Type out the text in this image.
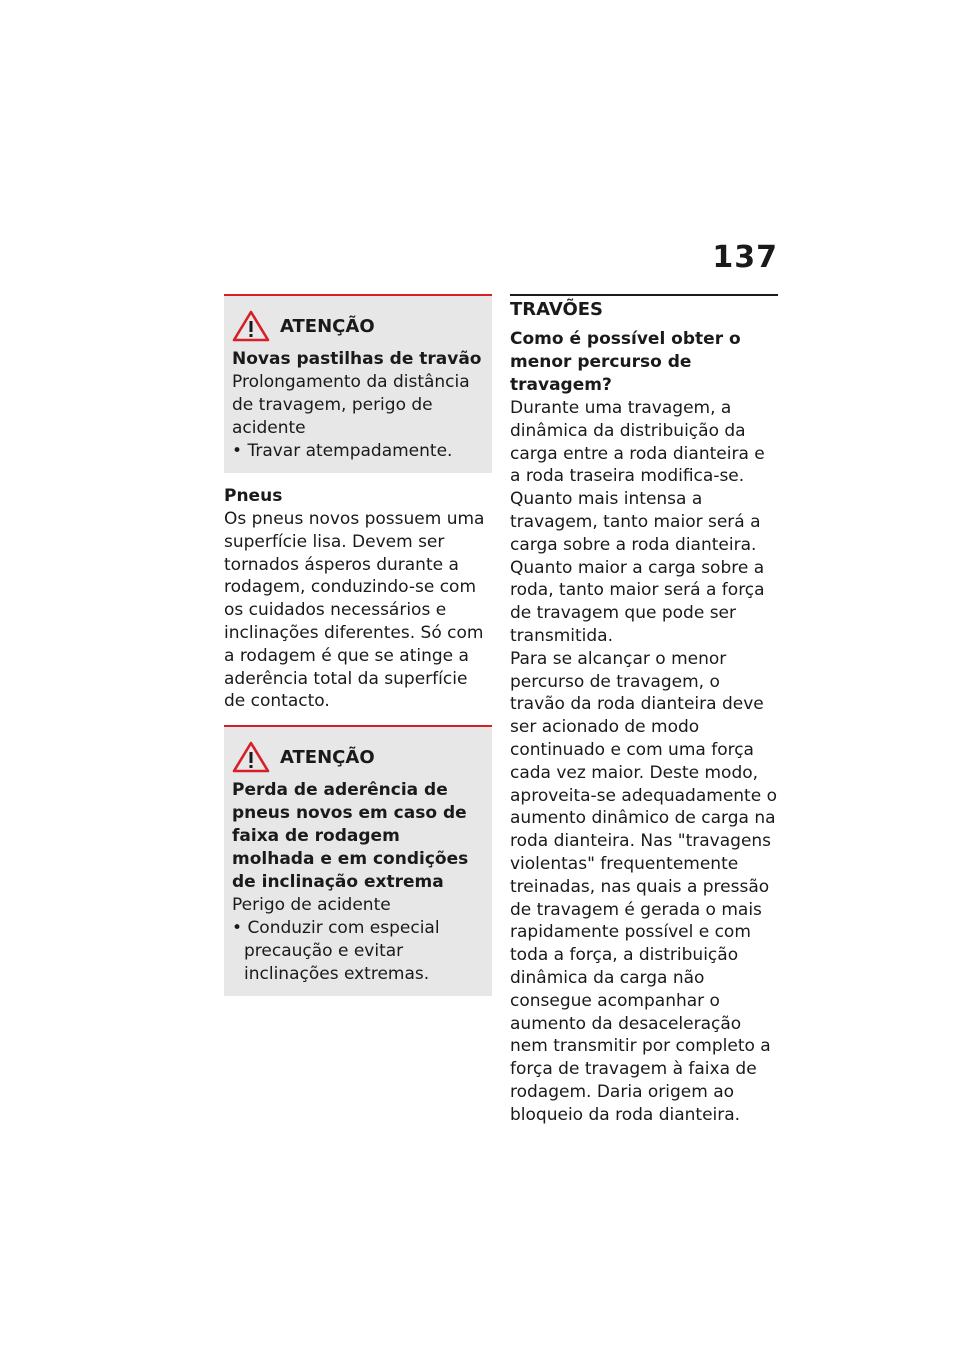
137
ATENÇÃO
Novas pastilhas de travão
Prolongamento da distância de travagem, perigo de acidente
• Travar atempadamente.
Pneus
Os pneus novos possuem uma superfície lisa. Devem ser tornados ásperos durante a rodagem, conduzindo-se com os cuidados necessários e inclinações diferentes. Só com a rodagem é que se atinge a aderência total da superfície de contacto.
ATENÇÃO
Perda de aderência de pneus novos em caso de faixa de rodagem molhada e em condições de inclinação extrema
Perigo de acidente
• Conduzir com especial precaução e evitar inclinações extremas.
TRAVÕES
Como é possível obter o menor percurso de travagem?
Durante uma travagem, a dinâmica da distribuição da carga entre a roda dianteira e a roda traseira modifica-se. Quanto mais intensa a travagem, tanto maior será a carga sobre a roda dianteira. Quanto maior a carga sobre a roda, tanto maior será a força de travagem que pode ser transmitida.
Para se alcançar o menor percurso de travagem, o travão da roda dianteira deve ser acionado de modo continuado e com uma força cada vez maior. Deste modo, aproveita-se adequadamente o aumento dinâmico de carga na roda dianteira. Nas "travagens violentas" frequentemente treinadas, nas quais a pressão de travagem é gerada o mais rapidamente possível e com toda a força, a distribuição dinâmica da carga não consegue acompanhar o aumento da desaceleração nem transmitir por completo a força de travagem à faixa de rodagem. Daria origem ao bloqueio da roda dianteira.
